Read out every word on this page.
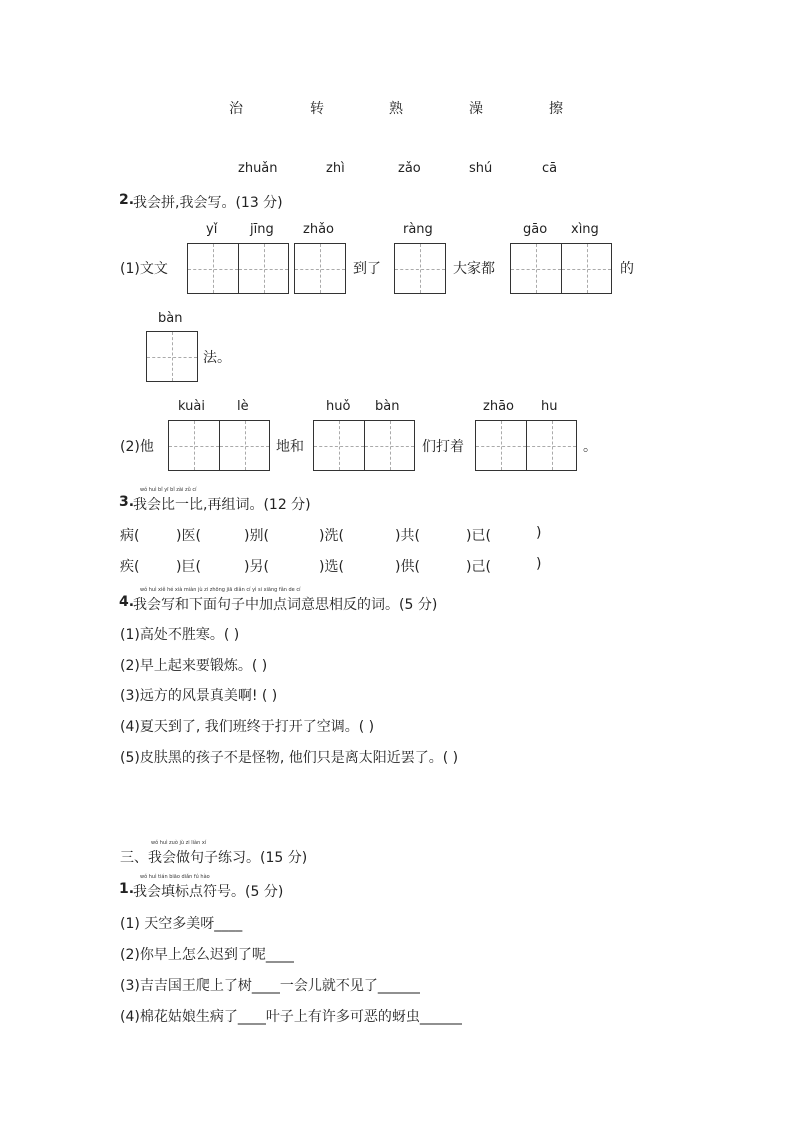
治	转	熟	澡	擦
zhuǎn	zhì	zǎo	shú	cā
2.
我会拼,我会写。(13 分)
yǐ	jīng zhǎo	ràng	gāo xìng
(1)文文	到了	大家都	的
bàn
法。
kuài lè	huǒ bàn	zhāo hu
(2)他	地和	们打着	。
wǒ huì bǐ yī bǐ zài zǔ cí
3.
我会比一比,再组词。(12 分)
病(	)医(	)别(	)洗(	)共(	)已(	)
疾(	)巨(	)另(	)选(	)供(	)己(	)
wǒ huì xiě hé xià miàn jù zi zhōng jiā diǎn cí yì si xiāng fǎn de cí
4.
我会写和下面句子中加点词意思相反的词。(5 分)
(1)高处不胜寒。( )
(2)早上起来要锻炼。( )
(3)远方的风景真美啊! ( )
(4)夏天到了, 我们班终于打开了空调。( )
(5)皮肤黑的孩子不是怪物, 他们只是离太阳近罢了。( )
wǒ huì zuò jù zi liàn xí
三、我会做句子练习。(15 分)
wǒ huì tián biāo diǎn fú hào
1.
我会填标点符号。(5 分)
(1) 天空多美呀____
(2)你早上怎么迟到了呢____
(3)吉吉国王爬上了树____一会儿就不见了______
(4)棉花姑娘生病了____叶子上有许多可恶的蚜虫______
